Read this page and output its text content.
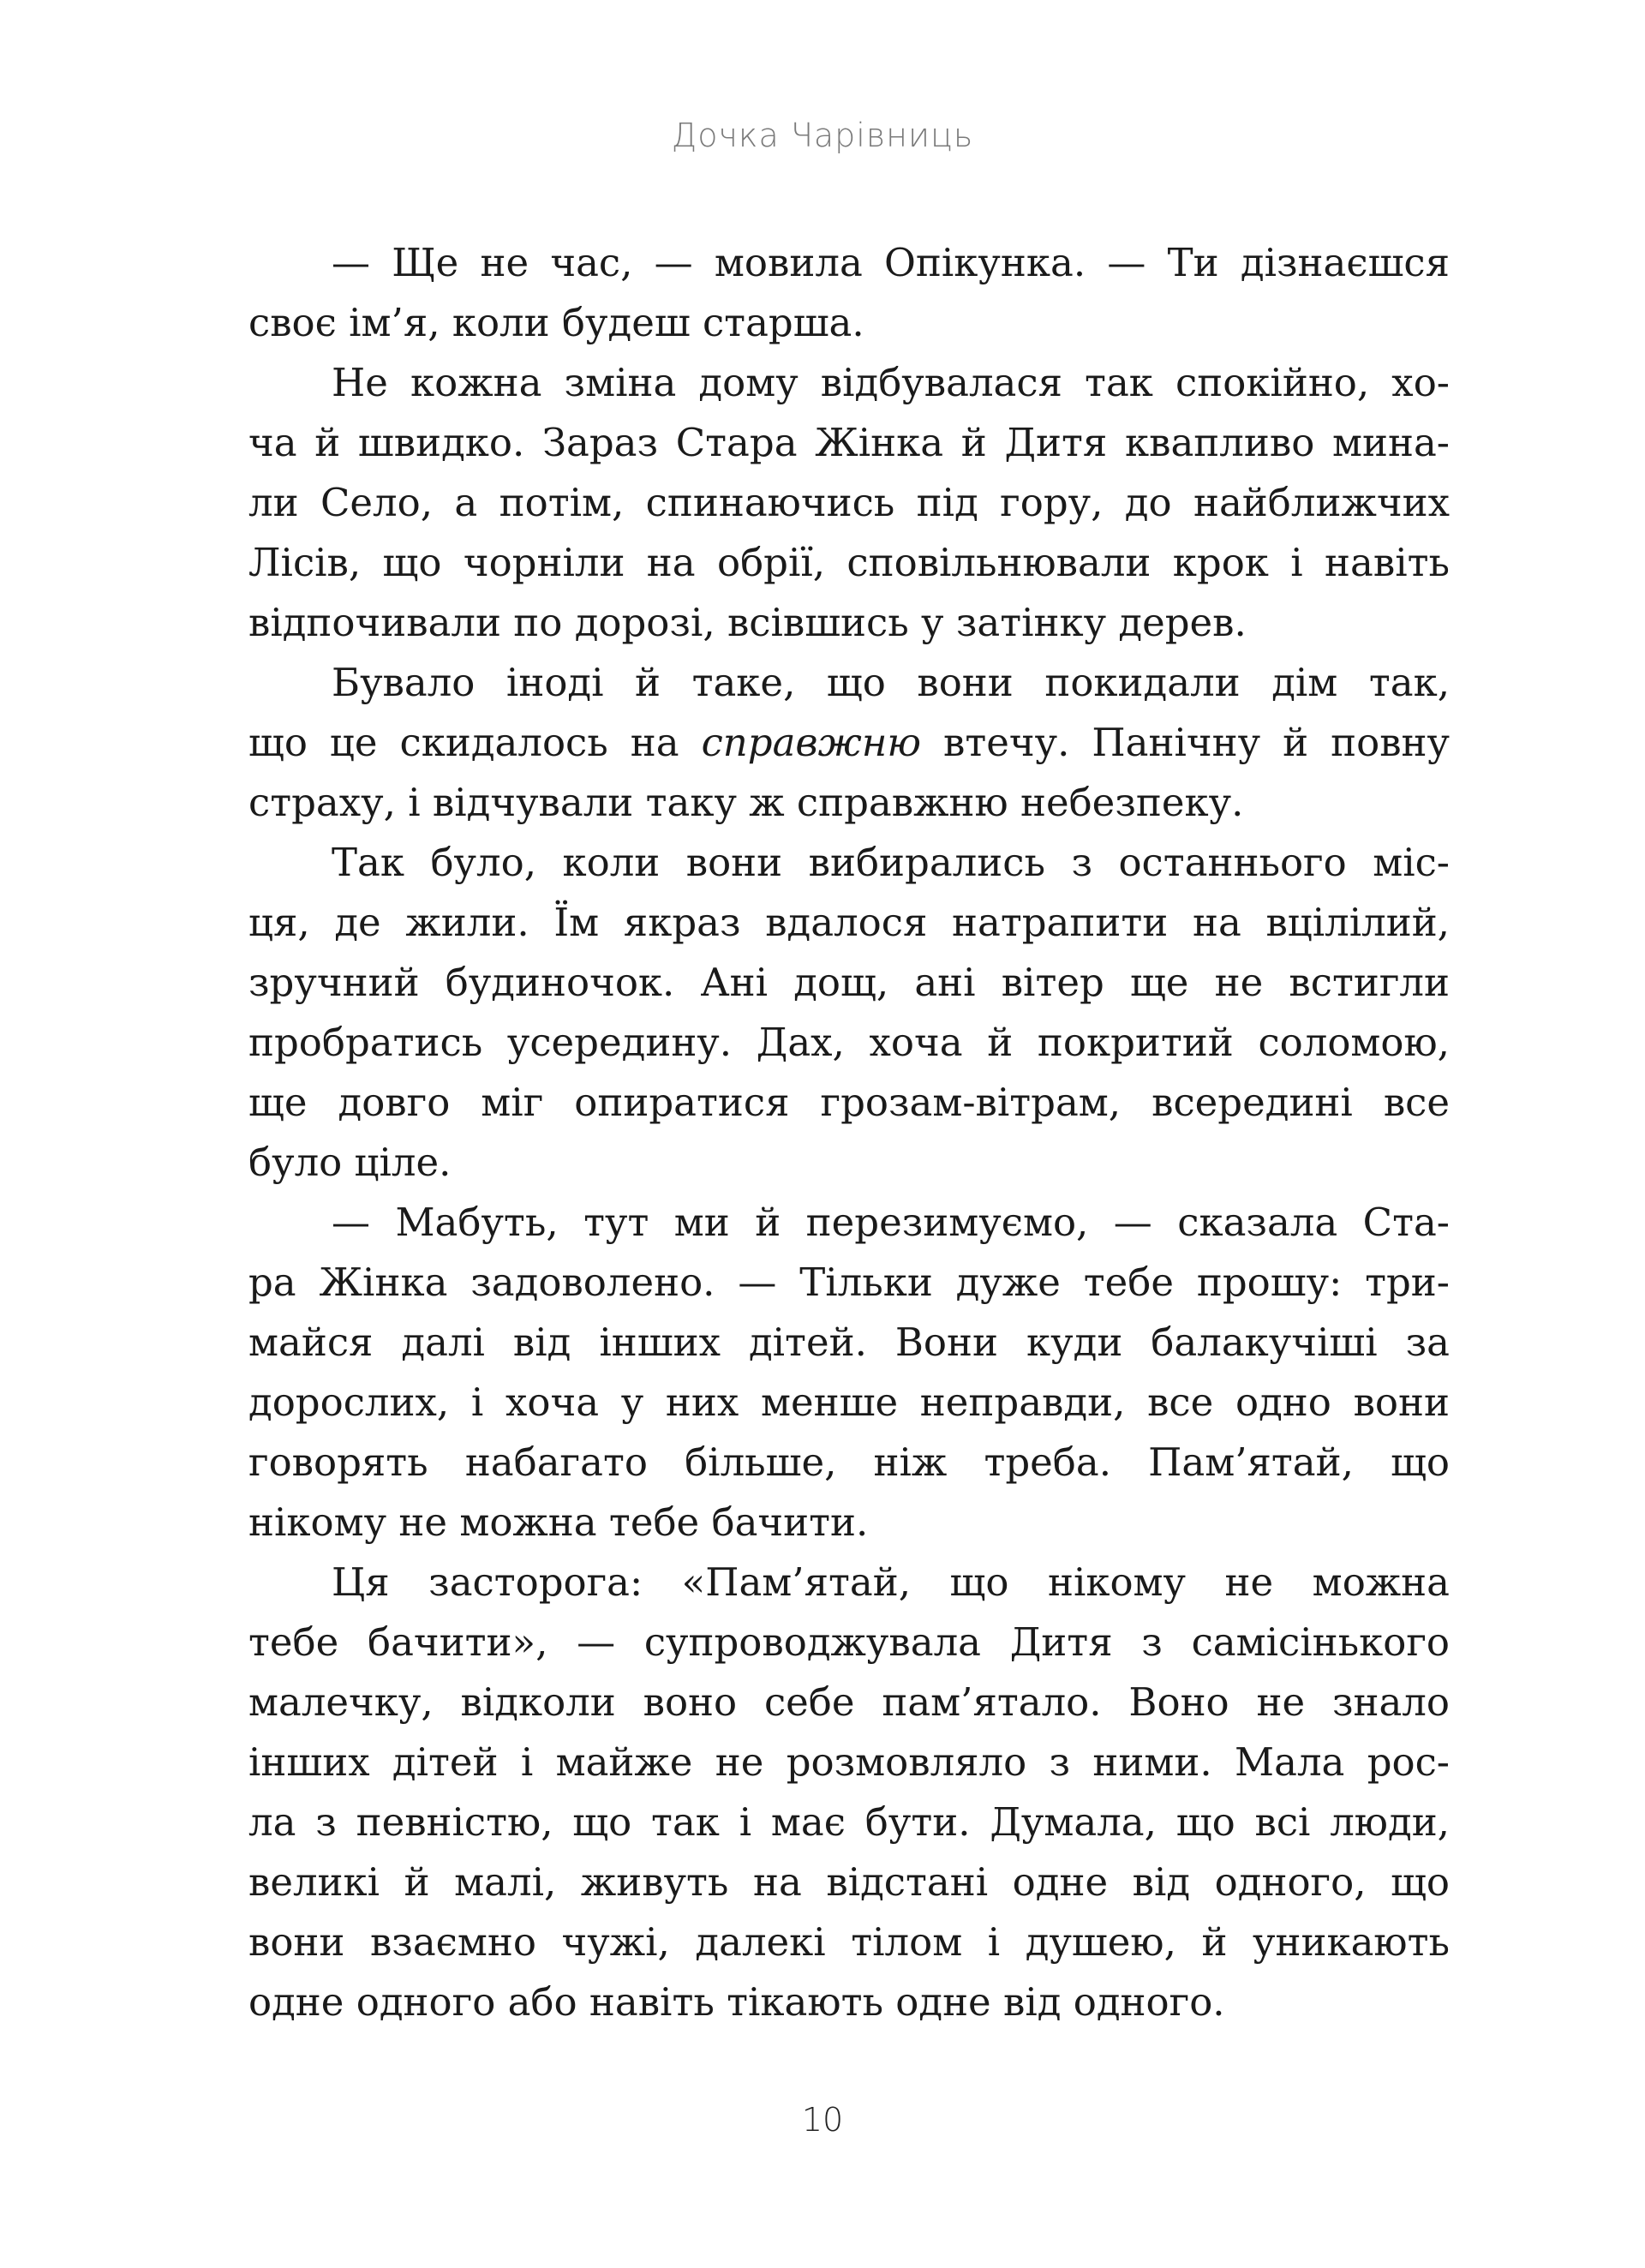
Дочка Чарівниць
— Ще не час, — мовила Опікунка. — Ти дізнаєшся
своє ім’я, коли будеш старша.
Не кожна зміна дому відбувалася так спокійно, хо-
ча й швидко. Зараз Стара Жінка й Дитя квапливо мина-
ли Село, а потім, спинаючись під гору, до найближчих
Лісів, що чорніли на обрії, сповільнювали крок і навіть
відпочивали по дорозі, всівшись у затінку дерев.
Бувало іноді й таке, що вони покидали дім так,
що це скидалось на справжню втечу. Панічну й повну
страху, і відчували таку ж справжню небезпеку.
Так було, коли вони вибирались з останнього міс-
ця, де жили. Їм якраз вдалося натрапити на вцілілий,
зручний будиночок. Ані дощ, ані вітер ще не встигли
пробратись усередину. Дах, хоча й покритий соломою,
ще довго міг опиратися грозам-вітрам, всередині все
було ціле.
— Мабуть, тут ми й перезимуємо, — сказала Ста-
ра Жінка задоволено. — Тільки дуже тебе прошу: три-
майся далі від інших дітей. Вони куди балакучіші за
дорослих, і хоча у них менше неправди, все одно вони
говорять набагато більше, ніж треба. Пам’ятай, що
нікому не можна тебе бачити.
Ця засторога: «Пам’ятай, що нікому не можна
тебе бачити», — супроводжувала Дитя з самісінького
малечку, відколи воно себе пам’ятало. Воно не знало
інших дітей і майже не розмовляло з ними. Мала рос-
ла з певністю, що так і має бути. Думала, що всі люди,
великі й малі, живуть на відстані одне від одного, що
вони взаємно чужі, далекі тілом і душею, й уникають
одне одного або навіть тікають одне від одного.
10
